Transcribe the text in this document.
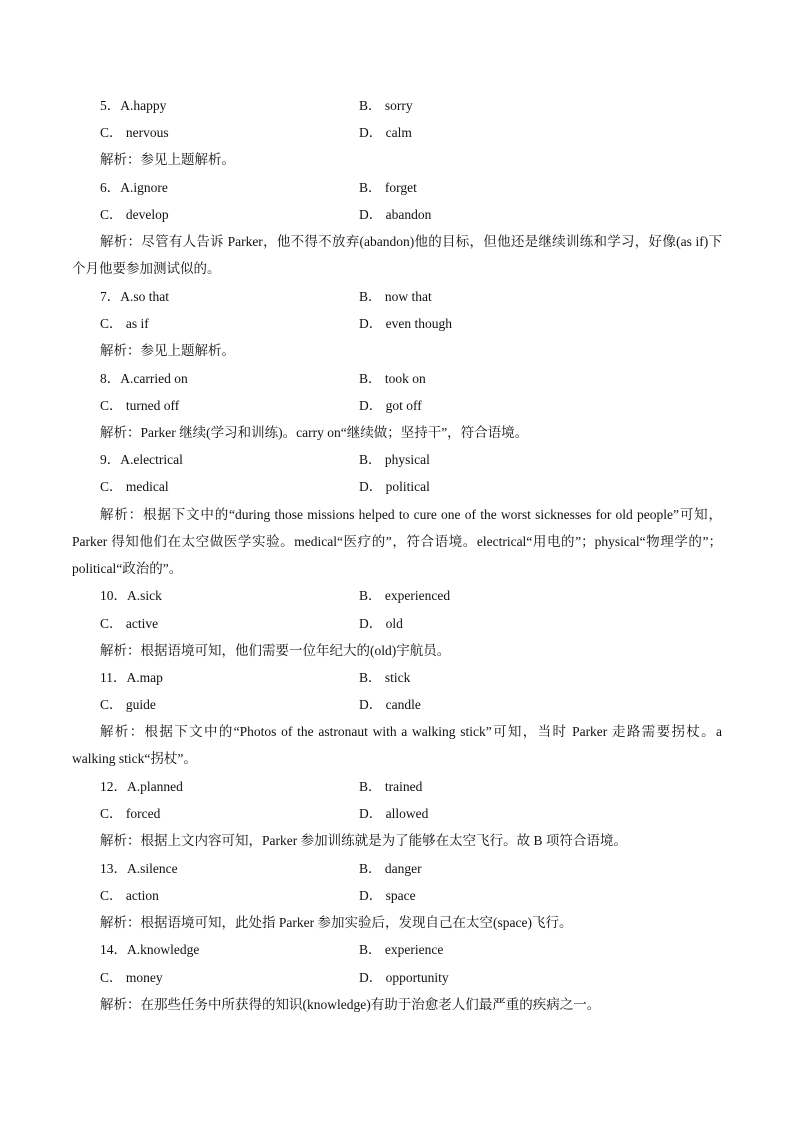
5．A.happy	B． sorry
C． nervous	D． calm
解析：参见上题解析。
6．A.ignore	B． forget
C． develop	D． abandon
解析：尽管有人告诉 Parker，他不得不放弃(abandon)他的目标，但他还是继续训练和学习，好像(as if)下个月他要参加测试似的。
7．A.so that	B． now that
C． as if	D． even though
解析：参见上题解析。
8．A.carried on	B． took on
C． turned off	D． got off
解析：Parker 继续(学习和训练)。carry on“继续做；坚持干”，符合语境。
9．A.electrical	B． physical
C． medical	D． political
解析：根据下文中的“during those missions helped to cure one of the worst sicknesses for old people”可知，Parker 得知他们在太空做医学实验。medical“医疗的”，符合语境。electrical“用电的”；physical“物理学的”；political“政治的”。
10．A.sick	B． experienced
C． active	D． old
解析：根据语境可知，他们需要一位年纪大的(old)宇航员。
11．A.map	B． stick
C． guide	D． candle
解析：根据下文中的“Photos of the astronaut with a walking stick”可知，当时 Parker 走路需要拐杖。a walking stick“拐杖”。
12．A.planned	B． trained
C． forced	D． allowed
解析：根据上文内容可知，Parker 参加训练就是为了能够在太空飞行。故 B 项符合语境。
13．A.silence	B． danger
C． action	D． space
解析：根据语境可知，此处指 Parker 参加实验后，发现自己在太空(space)飞行。
14．A.knowledge	B． experience
C． money	D． opportunity
解析：在那些任务中所获得的知识(knowledge)有助于治愈老人们最严重的疾病之一。
